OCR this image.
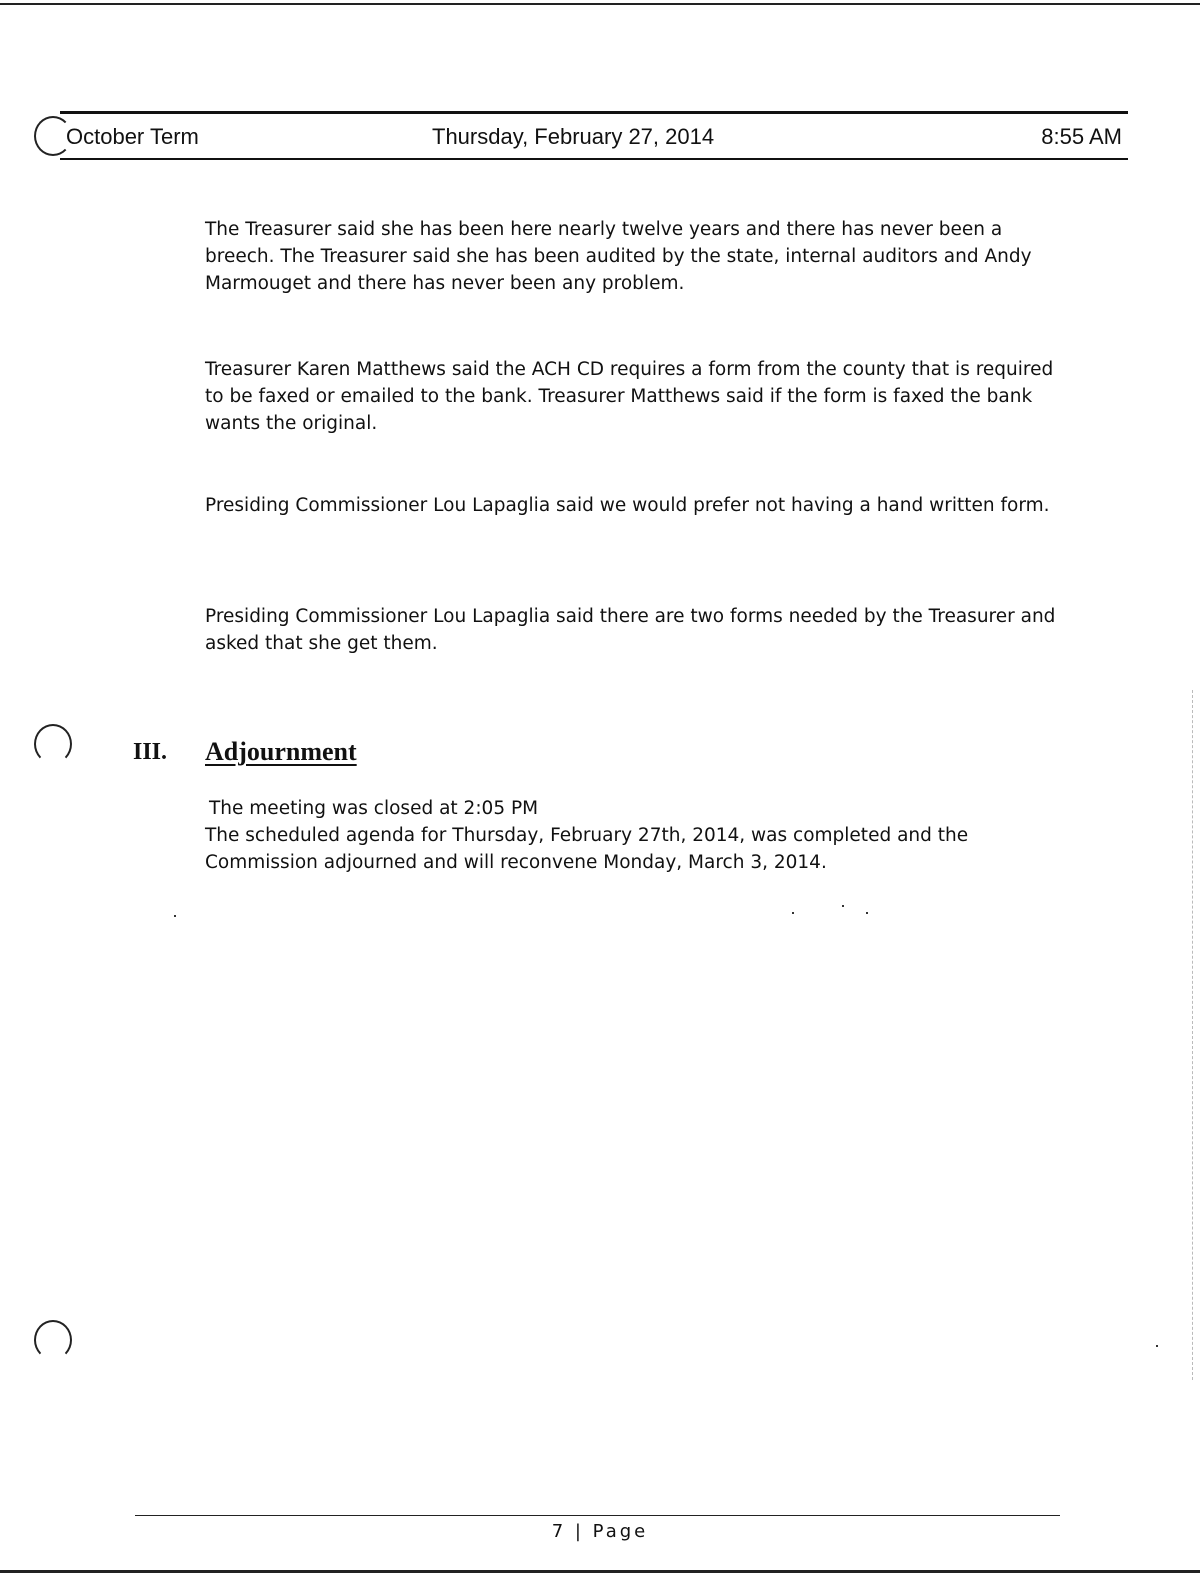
October Term	Thursday, February 27, 2014	8:55 AM

The Treasurer said she has been here nearly twelve years and there has never been a breech. The Treasurer said she has been audited by the state, internal auditors and Andy Marmouget and there has never been any problem.

Treasurer Karen Matthews said the ACH CD requires a form from the county that is required to be faxed or emailed to the bank. Treasurer Matthews said if the form is faxed the bank wants the original.

Presiding Commissioner Lou Lapaglia said we would prefer not having a hand written form.

Presiding Commissioner Lou Lapaglia said there are two forms needed by the Treasurer and asked that she get them.

III. Adjournment

The meeting was closed at 2:05 PM

The scheduled agenda for Thursday, February 27th, 2014, was completed and the Commission adjourned and will reconvene Monday, March 3, 2014.

7 | Page
